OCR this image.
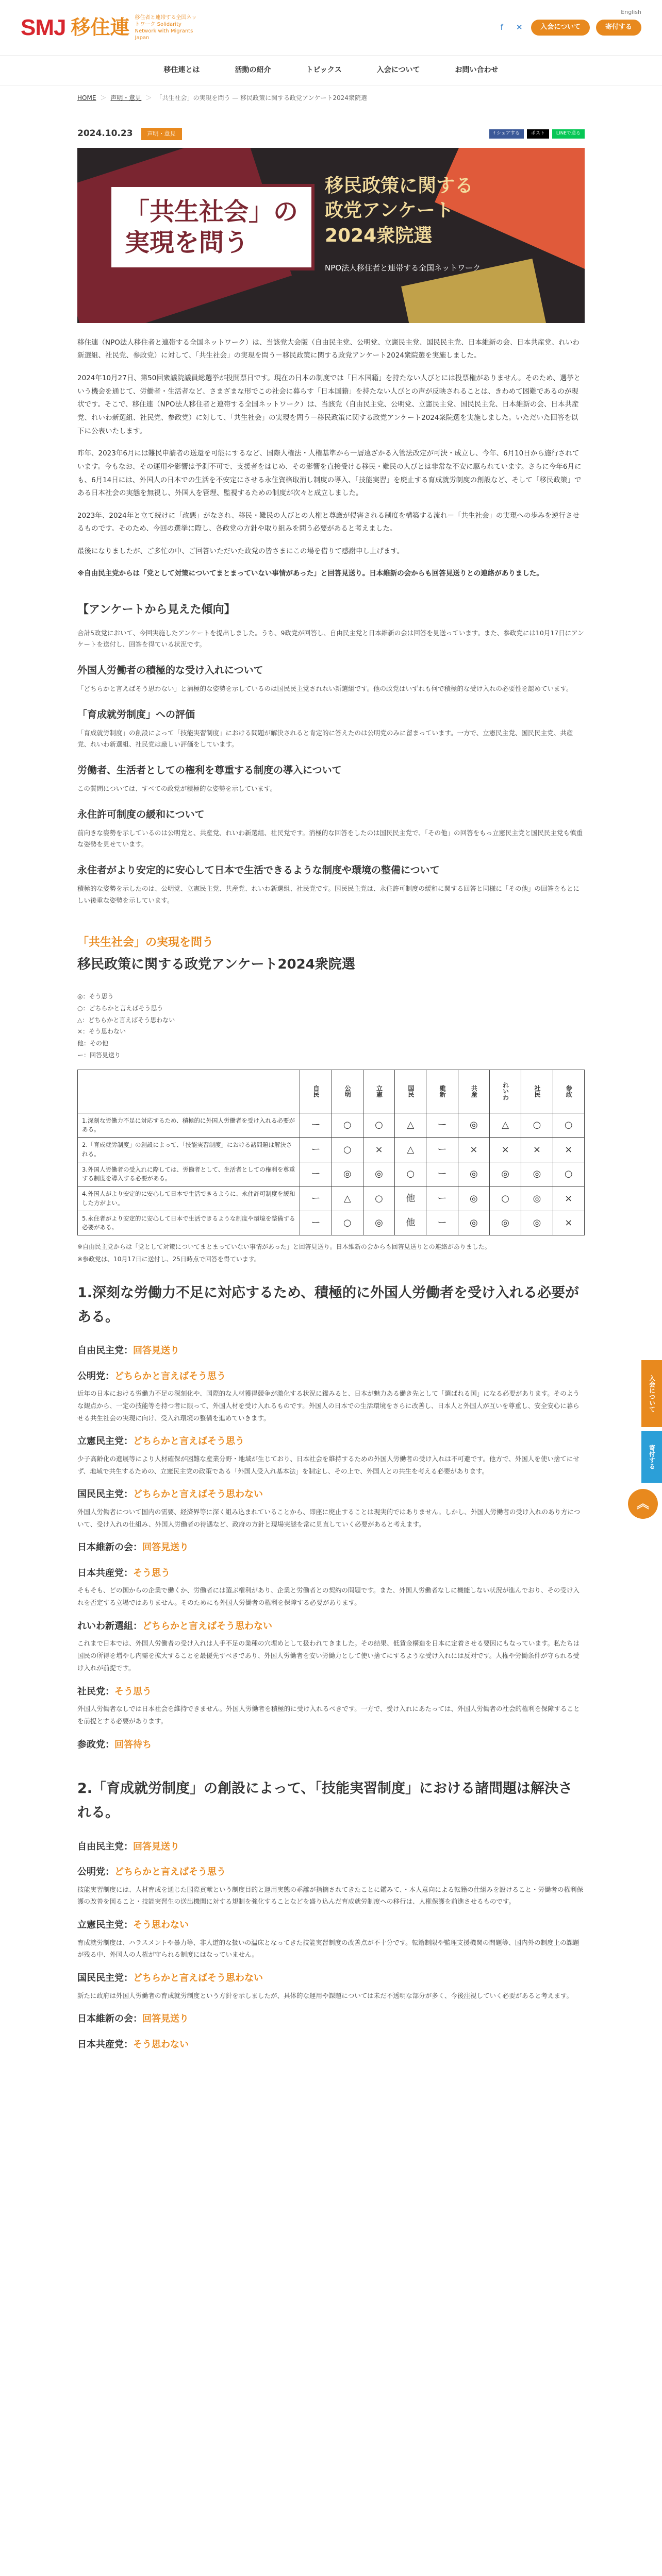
English
SMJ 移住連 移住者と連帯する全国ネットワーク Solidarity Network with Migrants Japan
f	✕	入会について	寄付する
移住連とは	活動の紹介	トピックス	入会について	お問い合わせ
HOME ＞ 声明・意見 ＞ 「共生社会」の実現を問う — 移民政策に関する政党アンケート2024衆院選
2024.10.23	声明・意見	f シェアする	ポスト	LINEで送る
「共生社会」の
実現を問う
移民政策に関する
政党アンケート
2024衆院選
NPO法人移住者と連帯する全国ネットワーク

移住連（NPO法人移住者と連帯する全国ネットワーク）は、当該党大会版（自由民主党、公明党、立憲民主党、国民民主党、日本維新の会、日本共産党、れいわ新選組、社民党、参政党）に対して、「共生社会」の実現を問う－移民政策に関する政党アンケート2024衆院選を実施しました。

2024年10月27日、第50回衆議院議員総選挙が投開票日です。現在の日本の制度では「日本国籍」を持たない人びとには投票権がありません。そのため、選挙という機会を通じて、労働者・生活者など、さまざまな形でこの社会に暮らす「日本国籍」を持たない人びとの声が反映されることは、きわめて困難であるのが現状です。そこで、移住連（NPO法人移住者と連帯する全国ネットワーク）は、当該党（自由民主党、公明党、立憲民主党、国民民主党、日本維新の会、日本共産党、れいわ新選組、社民党、参政党）に対して、「共生社会」の実現を問う－移民政策に関する政党アンケート2024衆院選を実施しました。いただいた回答を以下に公表いたします。

昨年、2023年6月には難民申請者の送還を可能にするなど、国際人権法・人権基準から一層遠ざかる入管法改定が可決・成立し、今年、6月10日から施行されています。今もなお、その運用や影響は予測不可で、支援者をはじめ、その影響を直接受ける移民・難民の人びとは非常な不安に駆られています。さらに今年6月にも、6月14日には、外国人の日本での生活を不安定にさせる永住資格取消し制度の導入、「技能実習」を廃止する育成就労制度の創設など、そして「移民政策」である日本社会の実態を無視し、外国人を管理、監視するための制度が次々と成立しました。

2023年、2024年と立て続けに「改悪」がなされ、移民・難民の人びとの人権と尊厳が侵害される制度を構築する流れ－「共生社会」の実現への歩みを逆行させるものです。そのため、今回の選挙に際し、各政党の方針や取り組みを問う必要があると考えました。

最後になりましたが、ご多忙の中、ご回答いただいた政党の皆さまにこの場を借りて感謝申し上げます。

※自由民主党からは「党として対策についてまとまっていない事情があった」と回答見送り。日本維新の会からも回答見送りとの連絡がありました。

【アンケートから見えた傾向】

合計5政党において、今回実施したアンケートを提出しました。うち、9政党が回答し、自由民主党と日本維新の会は回答を見送っています。また、参政党には10月17日にアンケートを送付し、回答を得ている状況です。

外国人労働者の積極的な受け入れについて

「どちらかと言えばそう思わない」と消極的な姿勢を示しているのは国民民主党されれい新選組です。他の政党はいずれも何で積極的な受け入れの必要性を認めています。

「育成就労制度」への評価

「育成就労制度」の創設によって「技能実習制度」における問題が解決されると肯定的に答えたのは公明党のみに留まっています。一方で、立憲民主党、国民民主党、共産党、れいわ新選組、社民党は厳しい評価をしています。

労働者、生活者としての権利を尊重する制度の導入について

この質問については、すべての政党が積極的な姿勢を示しています。

永住許可制度の緩和について

前向きな姿勢を示しているのは公明党と、共産党、れいわ新選組、社民党です。消極的な回答をしたのは国民民主党で、「その他」の回答をもっ立憲民主党と国民民主党も慎重な姿勢を見せています。

永住者がより安定的に安心して日本で生活できるような制度や環境の整備について

積極的な姿勢を示したのは、公明党、立憲民主党、共産党、れいわ新選組、社民党です。国民民主党は、永住許可制度の緩和に関する回答と同様に「その他」の回答をもとにしい後重な姿勢を示しています。

「共生社会」の実現を問う
移民政策に関する政党アンケート2024衆院選
◎：そう思う
○：どちらかと言えばそう思う
△：どちらかと言えばそう思わない
×：そう思わない
他：その他
ー：回答見送り
	自民	公明	立憲	国民	維新	共産	れいわ	社民	参政
1.深刻な労働力不足に対応するため、積極的に外国人労働者を受け入れる必要がある。	ー	○	○	△	ー	◎	△	○	○
2.「育成就労制度」の創設によって、「技能実習制度」における諸問題は解決される。	ー	○	×	△	ー	×	×	×	×
3.外国人労働者の受入れに際しては、労働者として、生活者としての権利を尊重する制度を導入する必要がある。	ー	◎	◎	○	ー	◎	◎	◎	○
4.外国人がより安定的に安心して日本で生活できるように、永住許可制度を緩和した方がよい。	ー	△	○	他	ー	◎	○	◎	×
5.永住者がより安定的に安心して日本で生活できるような制度や環境を整備する必要がある。	ー	○	◎	他	ー	◎	◎	◎	×

※自由民主党からは「党として対策についてまとまっていない事情があった」と回答見送り。日本維新の会からも回答見送りとの連絡がありました。

※参政党は、10月17日に送付し、25日時点で回答を得ています。

1.深刻な労働力不足に対応するため、積極的に外国人労働者を受け入れる必要がある。
自由民主党：回答見送り
公明党：どちらかと言えばそう思う
近年の日本における労働力不足の深刻化や、国際的な人材獲得競争が激化する状況に鑑みると、日本が魅力ある働き先として「選ばれる国」になる必要があります。そのような観点から、一定の技能等を持つ者に限って、外国人材を受け入れるものです。外国人の日本での生活環境をさらに改善し、日本人と外国人が互いを尊重し、安全安心に暮らせる共生社会の実現に向け、受入れ環境の整備を進めていきます。
立憲民主党：どちらかと言えばそう思う
少子高齢化の進展等により人材確保が困難な産業分野・地域が生じており、日本社会を維持するための外国人労働者の受け入れは不可避です。他方で、外国人を使い捨てにせず、地域で共生するための、立憲民主党の政策である「外国人受入れ基本法」を制定し、その上で、外国人との共生を考える必要があります。
国民民主党：どちらかと言えばそう思わない
外国人労働者について国内の需要、経済界等に深く組み込まれていることから、即座に廃止することは現実的ではありません。しかし、外国人労働者の受け入れのあり方について、受け入れの仕組み、外国人労働者の待遇など、政府の方針と現場実態を常に見直していく必要があると考えます。
日本維新の会：回答見送り
日本共産党：そう思う
そもそも、どの国からの企業で働くか、労働者には選ぶ権利があり、企業と労働者との契約の問題です。また、外国人労働者なしに機能しない状況が進んでおり、その受け入れを否定する立場ではありません。そのためにも外国人労働者の権利を保障する必要があります。
れいわ新選組：どちらかと言えばそう思わない
これまで日本では、外国人労働者の受け入れは人手不足の業種の穴埋めとして扱われてきました。その結果、低賃金構造を日本に定着させる要因にもなっています。私たちは国民の所得を増やし内需を拡大することを最優先すべきであり、外国人労働者を安い労働力として使い捨てにするような受け入れには反対です。人権や労働条件が守られる受け入れが前提です。
社民党：そう思う
外国人労働者なしでは日本社会を維持できません。外国人労働者を積極的に受け入れるべきです。一方で、受け入れにあたっては、外国人労働者の社会的権利を保障することを前提とする必要があります。
参政党：回答待ち
2.「育成就労制度」の創設によって、「技能実習制度」における諸問題は解決される。
自由民主党：回答見送り
公明党：どちらかと言えばそう思う
技能実習制度には、人材育成を通じた国際貢献という制度目的と運用実態の乖離が指摘されてきたことに鑑みて、・本人意向による転籍の仕組みを設けること・労働者の権利保護の改善を図ること・技能実習生の送出機関に対する規制を強化することなどを盛り込んだ育成就労制度への移行は、人権保護を前進させるものです。
立憲民主党：そう思わない
育成就労制度は、ハラスメントや暴力等、非人道的な扱いの温床となってきた技能実習制度の改善点が不十分です。転籍制限や監理支援機関の問題等、国内外の制度上の課題が残る中、外国人の人権が守られる制度にはなっていません。
国民民主党：どちらかと言えばそう思わない
新たに政府は外国人労働者の育成就労制度という方針を示しましたが、具体的な運用や課題については未だ不透明な部分が多く、今後注視していく必要があると考えます。
日本維新の会：回答見送り
日本共産党：そう思わない
入会について
寄付する
︽
